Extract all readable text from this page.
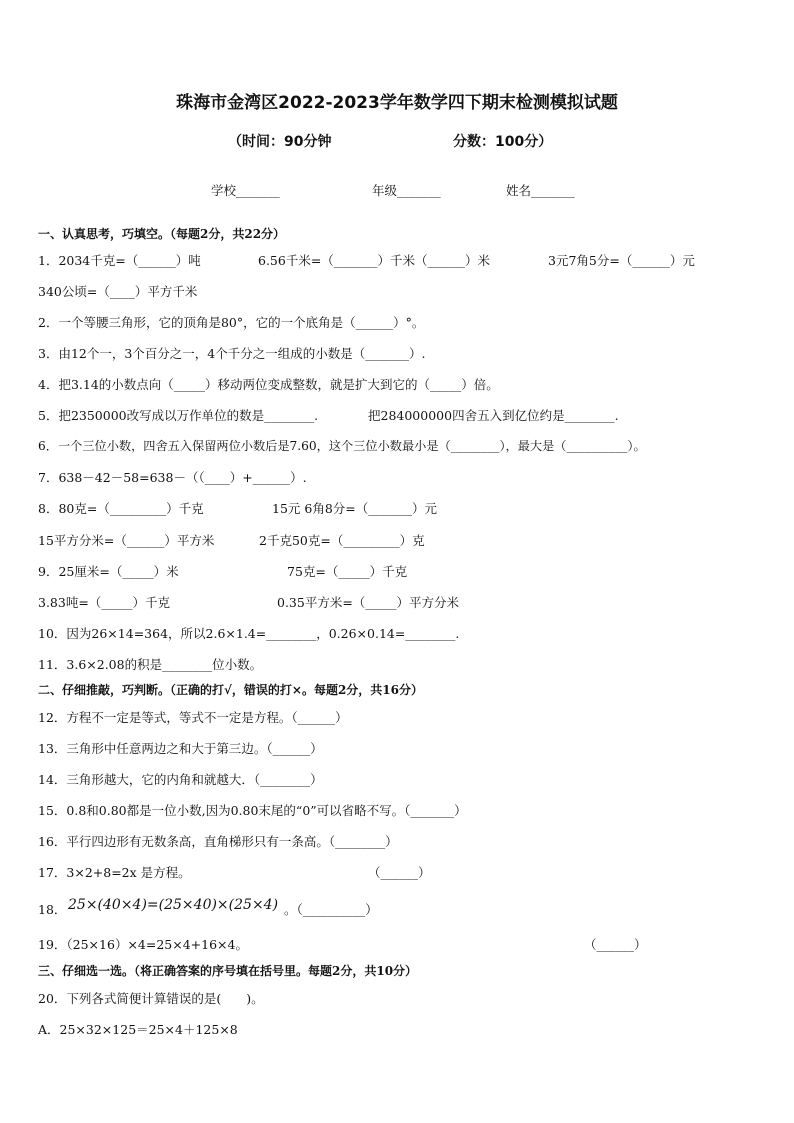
珠海市金湾区2022-2023学年数学四下期末检测模拟试题
（时间：90分钟	分数：100分）
学校_______	年级_______	姓名_______
一、认真思考，巧填空。（每题2分，共22分）
1．2034千克=（______）吨	6.56千米=（_______）千米（______）米	3元7角5分=（______）元
340公顷=（____）平方千米
2．一个等腰三角形，它的顶角是80°，它的一个底角是（______）°。
3．由12个一，3个百分之一，4个千分之一组成的小数是（_______）.
4．把3.14的小数点向（_____）移动两位变成整数，就是扩大到它的（_____）倍。
5．把2350000改写成以万作单位的数是________.	把284000000四舍五入到亿位约是________.
6．一个三位小数，四舍五入保留两位小数后是7.60，这个三位小数最小是（________），最大是（__________）。
7．638－42－58=638－（（____）+______）.
8．80克=（_________）千克	15元 6角8分=（_______）元
15平方分米=（______）平方米	2千克50克=（_________）克
9．25厘米=（_____）米	75克=（_____）千克
3.83吨=（_____）千克	0.35平方米=（_____）平方分米
10．因为26×14=364，所以2.6×1.4=________，0.26×0.14=________.
11．3.6×2.08的积是________位小数。
二、仔细推敲，巧判断。（正确的打√，错误的打×。每题2分，共16分）
12．方程不一定是等式，等式不一定是方程。（______）
13．三角形中任意两边之和大于第三边。（______）
14．三角形越大，它的内角和就越大．（________）
15．0.8和0.80都是一位小数,因为0.80末尾的“0”可以省略不写。（_______）
16．平行四边形有无数条高，直角梯形只有一条高。（________）
17．3×2+8=2x 是方程。	（______）
18． 25×(40×4)=(25×40)×(25×4) 。（__________）
19．（25×16）×4=25×4+16×4。	（______）
三、仔细选一选。（将正确答案的序号填在括号里。每题2分，共10分）
20．下列各式简便计算错误的是(　　)。
A．25×32×125＝25×4＋125×8
